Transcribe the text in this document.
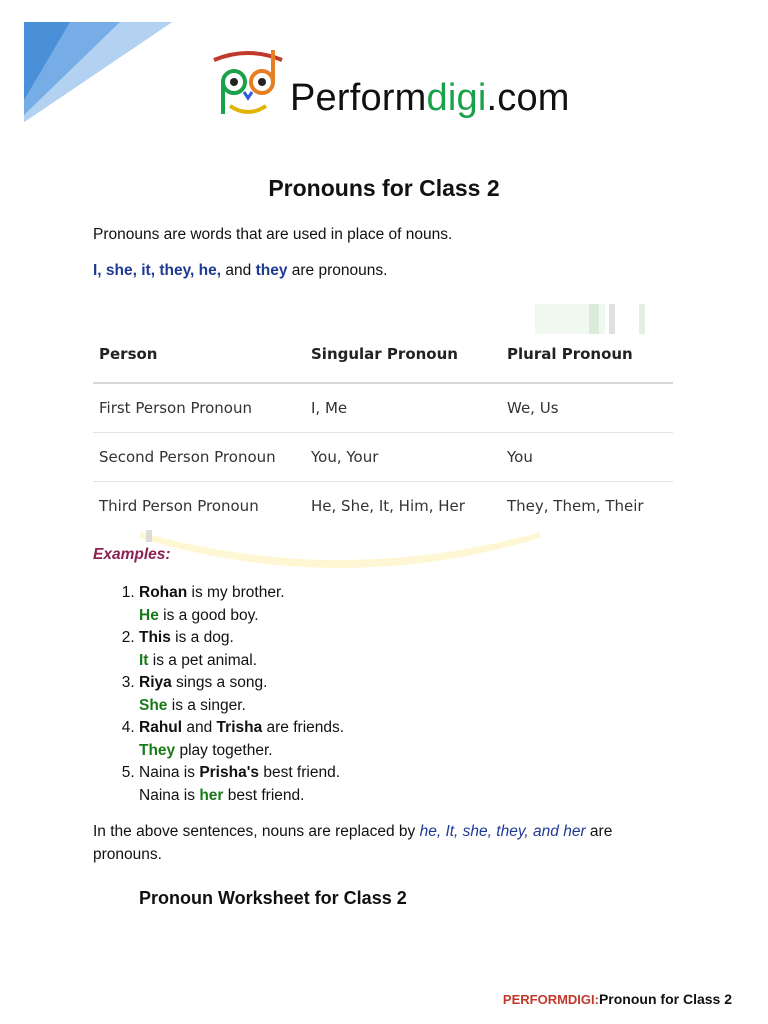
Performdigi.com
Pronouns for Class 2
Pronouns are words that are used in place of nouns.
I, she, it, they, he, and they are pronouns.
Person	Singular Pronoun	Plural Pronoun
First Person Pronoun	I, Me	We, Us
Second Person Pronoun	You, Your	You
Third Person Pronoun	He, She, It, Him, Her	They, Them, Their
Examples:
1. Rohan is my brother.
He is a good boy.
2. This is a dog.
It is a pet animal.
3. Riya sings a song.
She is a singer.
4. Rahul and Trisha are friends.
They play together.
5. Naina is Prisha's best friend.
Naina is her best friend.
In the above sentences, nouns are replaced by he, It, she, they, and her are pronouns.
Pronoun Worksheet for Class 2
PERFORMDIGI:Pronoun for Class 2
